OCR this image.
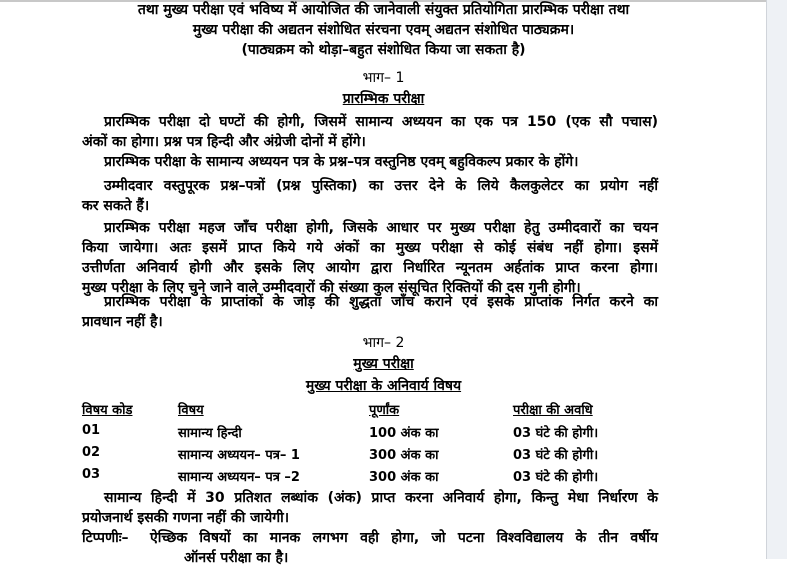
तथा मुख्य परीक्षा एवं भविष्य में आयोजित की जानेवाली संयुक्त प्रतियोगिता प्रारम्भिक परीक्षा तथा
मुख्य परीक्षा की अद्यतन संशोधित संरचना एवम् अद्यतन संशोधित पाठ्यक्रम।
(पाठ्यक्रम को थोड़ा–बहुत संशोधित किया जा सकता है)
भाग– 1
प्रारम्भिक परीक्षा
प्रारम्भिक परीक्षा दो घण्टों की होगी, जिसमें सामान्य अध्ययन का एक पत्र 150 (एक सौ पचास)
अंकों का होगा। प्रश्न पत्र हिन्दी और अंग्रेजी दोनों में होंगे।
प्रारम्भिक परीक्षा के सामान्य अध्ययन पत्र के प्रश्न–पत्र वस्तुनिष्ठ एवम् बहुविकल्प प्रकार के होंगे।
उम्मीदवार वस्तुपूरक प्रश्न–पत्रों (प्रश्न पुस्तिका) का उत्तर देने के लिये कैलकुलेटर का प्रयोग नहीं
कर सकते हैं।
प्रारम्भिक परीक्षा महज जाँच परीक्षा होगी, जिसके आधार पर मुख्य परीक्षा हेतु उम्मीदवारों का चयन
किया जायेगा। अतः इसमें प्राप्त किये गये अंकों का मुख्य परीक्षा से कोई संबंध नहीं होगा। इसमें
उत्तीर्णता अनिवार्य होगी और इसके लिए आयोग द्वारा निर्धारित न्यूनतम अर्हतांक प्राप्त करना होगा।
मुख्य परीक्षा के लिए चुने जाने वाले उम्मीदवारों की संख्या कुल संसूचित रिक्तियों की दस गुनी होगी।
प्रारम्भिक परीक्षा के प्राप्तांकों के जोड़ की शुद्धता जाँच कराने एवं इसके प्राप्तांक निर्गत करने का
प्रावधान नहीं है।
भाग– 2
मुख्य परीक्षा
मुख्य परीक्षा के अनिवार्य विषय
विषय कोड	विषय	पूर्णांक	परीक्षा की अवधि
01	सामान्य हिन्दी	100 अंक का	03 घंटे की होगी।
02	सामान्य अध्ययन– पत्र– 1	300 अंक का	03 घंटे की होगी।
03	सामान्य अध्ययन– पत्र –2	300 अंक का	03 घंटे की होगी।
सामान्य हिन्दी में 30 प्रतिशत लब्धांक (अंक) प्राप्त करना अनिवार्य होगा, किन्तु मेधा निर्धारण के
प्रयोजनार्थ इसकी गणना नहीं की जायेगी।
टिप्पणीः– ऐच्छिक विषयों का मानक लगभग वही होगा, जो पटना विश्वविद्यालय के तीन वर्षीय
ऑनर्स परीक्षा का है।
